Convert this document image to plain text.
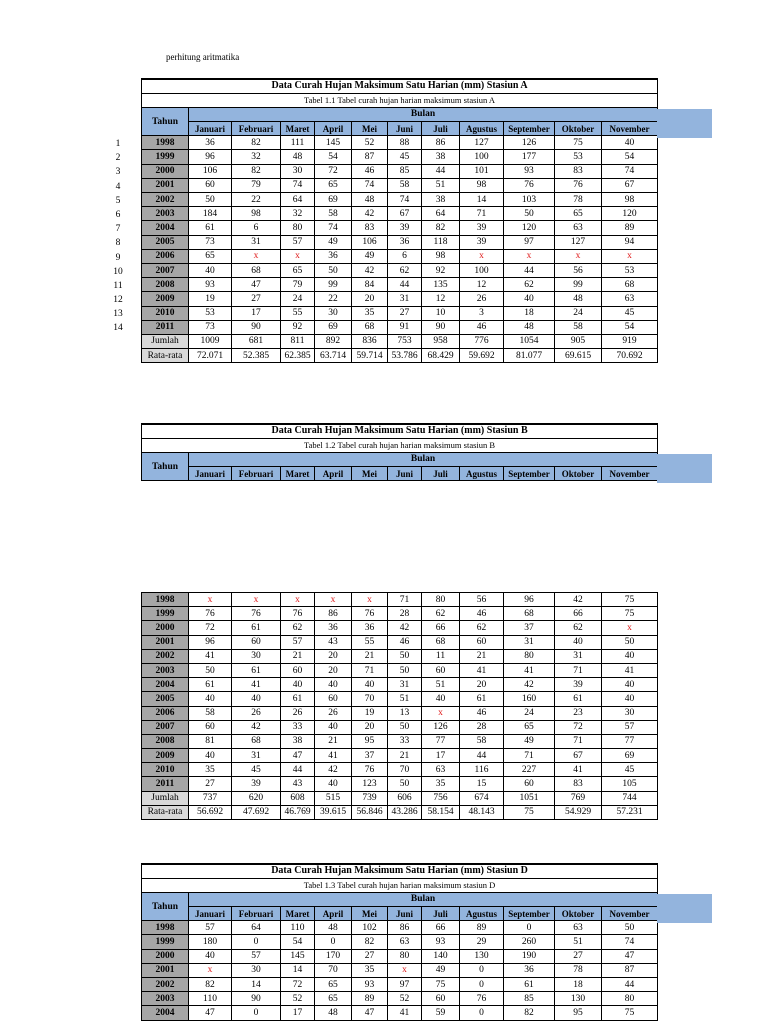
perhitung aritmatika
1
2
3
4
5
6
7
8
9
10
11
12
13
14
Data Curah Hujan Maksimum Satu Harian (mm) Stasiun A											
Tabel 1.1 Tabel curah hujan harian maksimum stasiun A											
Tahun	Bulan										
	Januari	Februari	Maret	April	Mei	Juni	Juli	Agustus	September	Oktober	November
1998	36	82	111	145	52	88	86	127	126	75	40
1999	96	32	48	54	87	45	38	100	177	53	54
2000	106	82	30	72	46	85	44	101	93	83	74
2001	60	79	74	65	74	58	51	98	76	76	67
2002	50	22	64	69	48	74	38	14	103	78	98
2003	184	98	32	58	42	67	64	71	50	65	120
2004	61	6	80	74	83	39	82	39	120	63	89
2005	73	31	57	49	106	36	118	39	97	127	94
2006	65	x	x	36	49	6	98	x	x	x	x
2007	40	68	65	50	42	62	92	100	44	56	53
2008	93	47	79	99	84	44	135	12	62	99	68
2009	19	27	24	22	20	31	12	26	40	48	63
2010	53	17	55	30	35	27	10	3	18	24	45
2011	73	90	92	69	68	91	90	46	48	58	54
Jumlah	1009	681	811	892	836	753	958	776	1054	905	919
Rata-rata	72.071	52.385	62.385	63.714	59.714	53.786	68.429	59.692	81.077	69.615	70.692
Data Curah Hujan Maksimum Satu Harian (mm) Stasiun B											
Tabel 1.2 Tabel curah hujan harian maksimum stasiun B											
Tahun	Bulan										
	Januari	Februari	Maret	April	Mei	Juni	Juli	Agustus	September	Oktober	November
1998	x	x	x	x	x	71	80	56	96	42	75
1999	76	76	76	86	76	28	62	46	68	66	75
2000	72	61	62	36	36	42	66	62	37	62	x
2001	96	60	57	43	55	46	68	60	31	40	50
2002	41	30	21	20	21	50	11	21	80	31	40
2003	50	61	60	20	71	50	60	41	41	71	41
2004	61	41	40	40	40	31	51	20	42	39	40
2005	40	40	61	60	70	51	40	61	160	61	40
2006	58	26	26	26	19	13	x	46	24	23	30
2007	60	42	33	40	20	50	126	28	65	72	57
2008	81	68	38	21	95	33	77	58	49	71	77
2009	40	31	47	41	37	21	17	44	71	67	69
2010	35	45	44	42	76	70	63	116	227	41	45
2011	27	39	43	40	123	50	35	15	60	83	105
Jumlah	737	620	608	515	739	606	756	674	1051	769	744
Rata-rata	56.692	47.692	46.769	39.615	56.846	43.286	58.154	48.143	75	54.929	57.231
Data Curah Hujan Maksimum Satu Harian (mm) Stasiun D											
Tabel 1.3 Tabel curah hujan harian maksimum stasiun D											
Tahun	Bulan										
	Januari	Februari	Maret	April	Mei	Juni	Juli	Agustus	September	Oktober	November
1998	57	64	110	48	102	86	66	89	0	63	50
1999	180	0	54	0	82	63	93	29	260	51	74
2000	40	57	145	170	27	80	140	130	190	27	47
2001	x	30	14	70	35	x	49	0	36	78	87
2002	82	14	72	65	93	97	75	0	61	18	44
2003	110	90	52	65	89	52	60	76	85	130	80
2004	47	0	17	48	47	41	59	0	82	95	75
